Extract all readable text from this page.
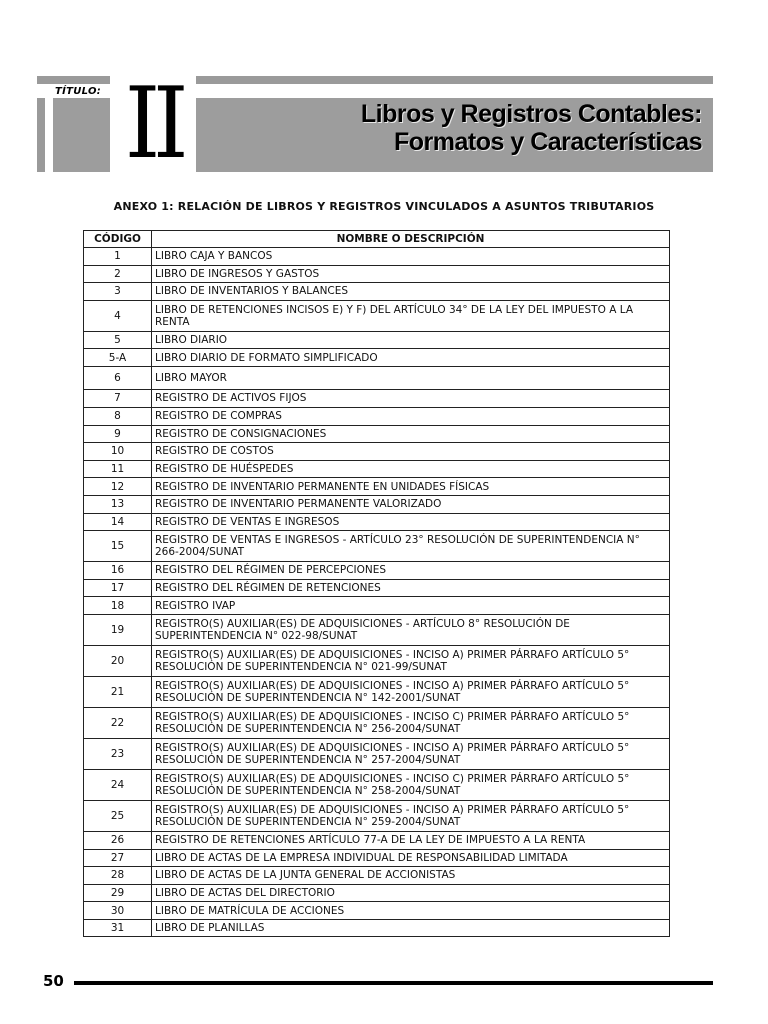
TÍTULO: II	Libros y Registros Contables:
Formatos y Características
ANEXO 1: RELACIÓN DE LIBROS Y REGISTROS VINCULADOS A ASUNTOS TRIBUTARIOS
CÓDIGO	NOMBRE O DESCRIPCIÓN
1	LIBRO CAJA Y BANCOS
2	LIBRO DE INGRESOS Y GASTOS
3	LIBRO DE INVENTARIOS Y BALANCES
4	LIBRO DE RETENCIONES INCISOS E) Y F) DEL ARTÍCULO 34° DE LA LEY DEL IMPUESTO A LA RENTA
5	LIBRO DIARIO
5-A	LIBRO DIARIO DE FORMATO SIMPLIFICADO
6	LIBRO MAYOR
7	REGISTRO DE ACTIVOS FIJOS
8	REGISTRO DE COMPRAS
9	REGISTRO DE CONSIGNACIONES
10	REGISTRO DE COSTOS
11	REGISTRO DE HUÉSPEDES
12	REGISTRO DE INVENTARIO PERMANENTE EN UNIDADES FÍSICAS
13	REGISTRO DE INVENTARIO PERMANENTE VALORIZADO
14	REGISTRO DE VENTAS E INGRESOS
15	REGISTRO DE VENTAS E INGRESOS - ARTÍCULO 23° RESOLUCIÓN DE SUPERINTENDENCIA N° 266-2004/SUNAT
16	REGISTRO DEL RÉGIMEN DE PERCEPCIONES
17	REGISTRO DEL RÉGIMEN DE RETENCIONES
18	REGISTRO IVAP
19	REGISTRO(S) AUXILIAR(ES) DE ADQUISICIONES - ARTÍCULO 8° RESOLUCIÓN DE SUPERINTENDENCIA N° 022-98/SUNAT
20	REGISTRO(S) AUXILIAR(ES) DE ADQUISICIONES - INCISO A) PRIMER PÁRRAFO ARTÍCULO 5° RESOLUCIÓN DE SUPERINTENDENCIA N° 021-99/SUNAT
21	REGISTRO(S) AUXILIAR(ES) DE ADQUISICIONES - INCISO A) PRIMER PÁRRAFO ARTÍCULO 5° RESOLUCIÓN DE SUPERINTENDENCIA N° 142-2001/SUNAT
22	REGISTRO(S) AUXILIAR(ES) DE ADQUISICIONES - INCISO C) PRIMER PÁRRAFO ARTÍCULO 5° RESOLUCIÓN DE SUPERINTENDENCIA N° 256-2004/SUNAT
23	REGISTRO(S) AUXILIAR(ES) DE ADQUISICIONES - INCISO A) PRIMER PÁRRAFO ARTÍCULO 5° RESOLUCIÓN DE SUPERINTENDENCIA N° 257-2004/SUNAT
24	REGISTRO(S) AUXILIAR(ES) DE ADQUISICIONES - INCISO C) PRIMER PÁRRAFO ARTÍCULO 5° RESOLUCIÓN DE SUPERINTENDENCIA N° 258-2004/SUNAT
25	REGISTRO(S) AUXILIAR(ES) DE ADQUISICIONES - INCISO A) PRIMER PÁRRAFO ARTÍCULO 5° RESOLUCIÓN DE SUPERINTENDENCIA N° 259-2004/SUNAT
26	REGISTRO DE RETENCIONES ARTÍCULO 77-A DE LA LEY DE IMPUESTO A LA RENTA
27	LIBRO DE ACTAS DE LA EMPRESA INDIVIDUAL DE RESPONSABILIDAD LIMITADA
28	LIBRO DE ACTAS DE LA JUNTA GENERAL DE ACCIONISTAS
29	LIBRO DE ACTAS DEL DIRECTORIO
30	LIBRO DE MATRÍCULA DE ACCIONES
31	LIBRO DE PLANILLAS
50
